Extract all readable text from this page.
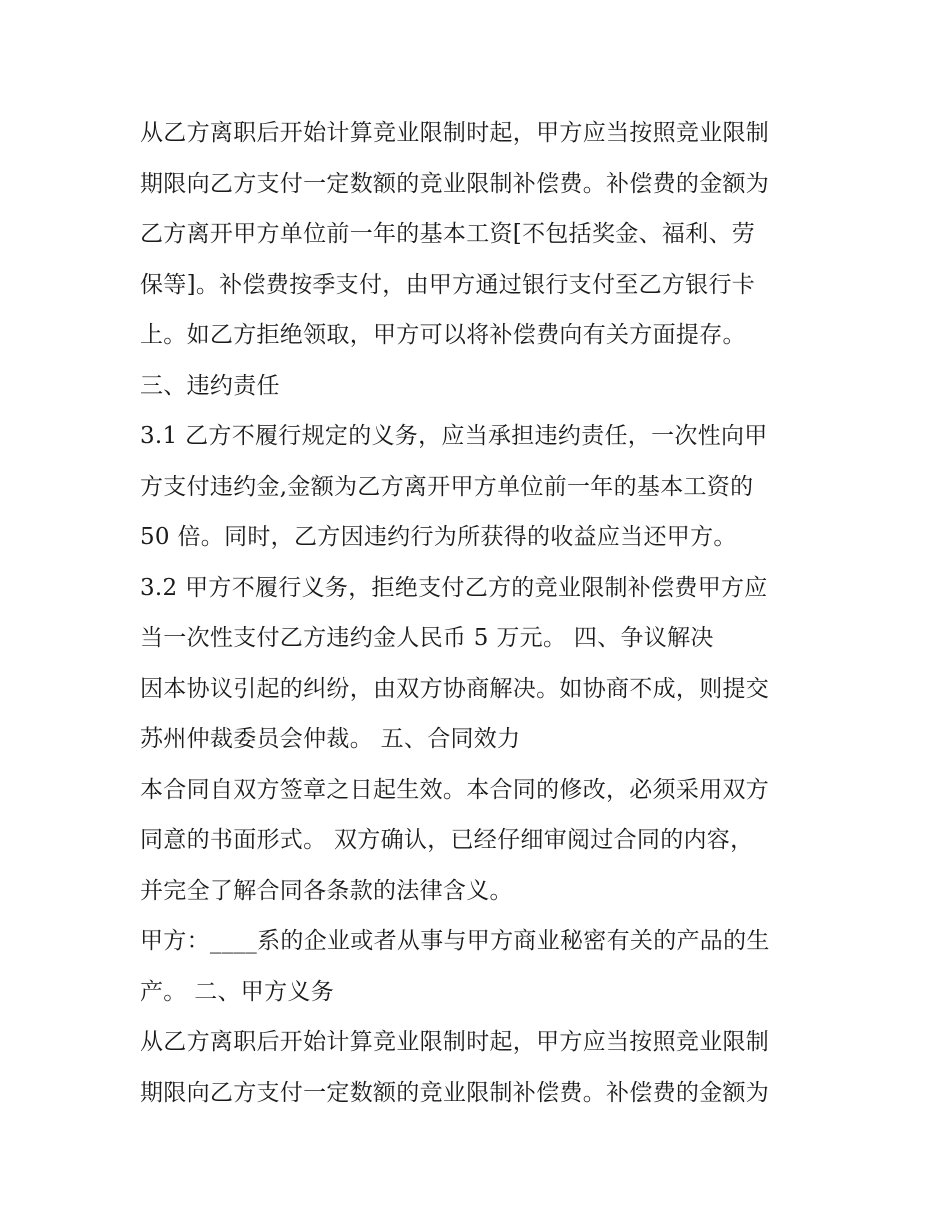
从乙方离职后开始计算竞业限制时起，甲方应当按照竞业限制
期限向乙方支付一定数额的竞业限制补偿费。补偿费的金额为
乙方离开甲方单位前一年的基本工资[不包括奖金、福利、劳
保等]。补偿费按季支付，由甲方通过银行支付至乙方银行卡
上。如乙方拒绝领取，甲方可以将补偿费向有关方面提存。
三、违约责任
3.1 乙方不履行规定的义务，应当承担违约责任，一次性向甲
方支付违约金,金额为乙方离开甲方单位前一年的基本工资的
50 倍。同时，乙方因违约行为所获得的收益应当还甲方。
3.2 甲方不履行义务，拒绝支付乙方的竞业限制补偿费甲方应
当一次性支付乙方违约金人民币 5 万元。 四、争议解决
因本协议引起的纠纷，由双方协商解决。如协商不成，则提交
苏州仲裁委员会仲裁。 五、合同效力
本合同自双方签章之日起生效。本合同的修改，必须采用双方
同意的书面形式。 双方确认，已经仔细审阅过合同的内容，
并完全了解合同各条款的法律含义。
甲方：____系的企业或者从事与甲方商业秘密有关的产品的生
产。 二、甲方义务
从乙方离职后开始计算竞业限制时起，甲方应当按照竞业限制
期限向乙方支付一定数额的竞业限制补偿费。补偿费的金额为
